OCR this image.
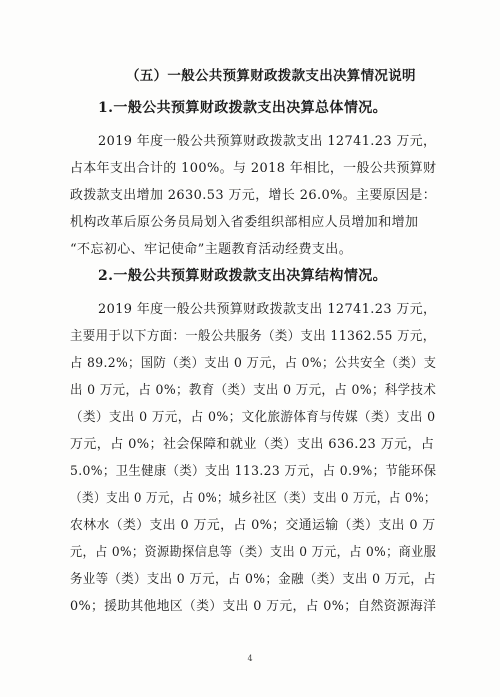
（五）一般公共预算财政拨款支出决算情况说明
1.一般公共预算财政拨款支出决算总体情况。
2019 年度一般公共预算财政拨款支出 12741.23 万元，
占本年支出合计的 100%。与 2018 年相比，一般公共预算财
政拨款支出增加 2630.53 万元，增长 26.0%。主要原因是：
机构改革后原公务员局划入省委组织部相应人员增加和增加
“不忘初心、牢记使命”主题教育活动经费支出。
2.一般公共预算财政拨款支出决算结构情况。
2019 年度一般公共预算财政拨款支出 12741.23 万元，
主要用于以下方面：一般公共服务（类）支出 11362.55 万元，
占 89.2%；国防（类）支出 0 万元，占 0%；公共安全（类）支
出 0 万元，占 0%；教育（类）支出 0 万元，占 0%；科学技术
（类）支出 0 万元，占 0%；文化旅游体育与传媒（类）支出 0
万元，占 0%；社会保障和就业（类）支出 636.23 万元，占
5.0%；卫生健康（类）支出 113.23 万元，占 0.9%；节能环保
（类）支出 0 万元，占 0%；城乡社区（类）支出 0 万元，占 0%；
农林水（类）支出 0 万元，占 0%；交通运输（类）支出 0 万
元，占 0%；资源勘探信息等（类）支出 0 万元，占 0%；商业服
务业等（类）支出 0 万元，占 0%；金融（类）支出 0 万元，占
0%；援助其他地区（类）支出 0 万元，占 0%；自然资源海洋
4
